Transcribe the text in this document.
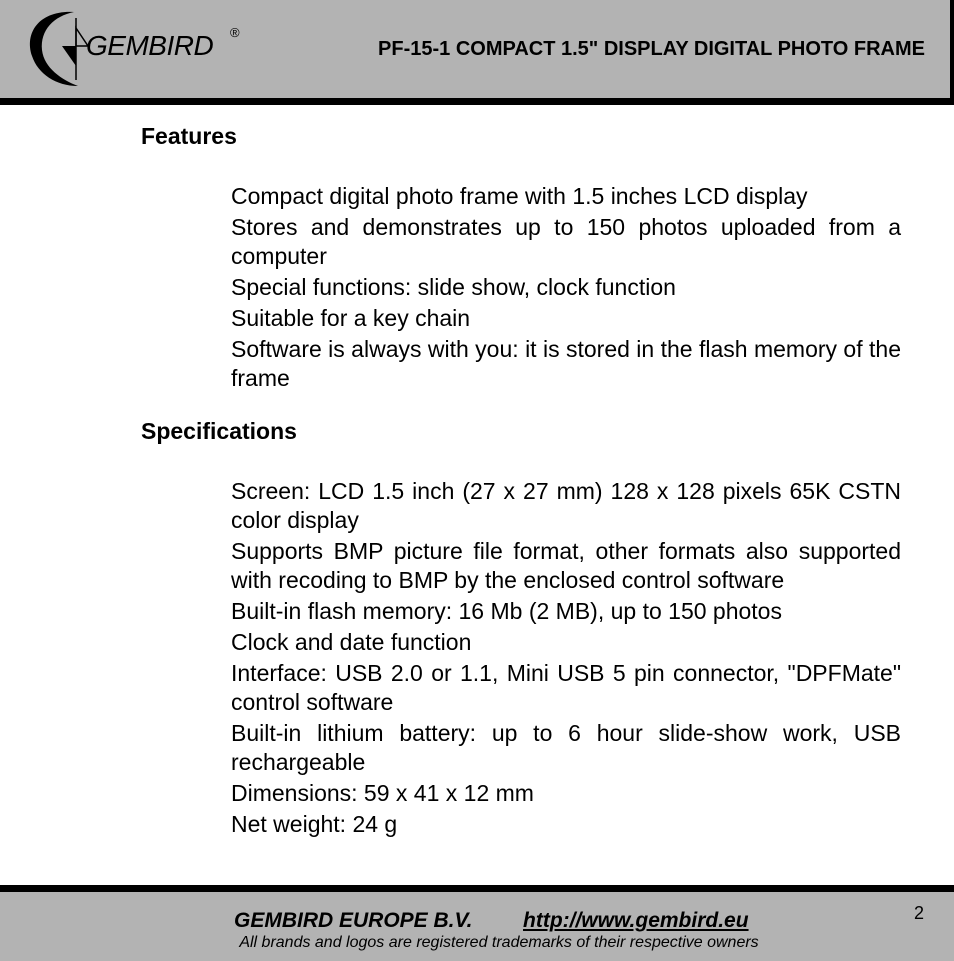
GEMBIRD ®
PF-15-1 COMPACT 1.5" DISPLAY DIGITAL PHOTO FRAME
Features
Compact digital photo frame with 1.5 inches LCD display
Stores and demonstrates up to 150 photos uploaded from a computer
Special functions: slide show, clock function
Suitable for a key chain
Software is always with you: it is stored in the flash memory of the frame
Specifications
Screen: LCD 1.5 inch (27 x 27 mm) 128 x 128 pixels 65K CSTN color display
Supports BMP picture file format, other formats also supported with recoding to BMP by the enclosed control software
Built-in flash memory: 16 Mb (2 MB), up to 150 photos
Clock and date function
Interface: USB 2.0 or 1.1, Mini USB 5 pin connector, "DPFMate" control software
Built-in lithium battery: up to 6 hour slide-show work, USB rechargeable
Dimensions: 59 x 41 x 12 mm
Net weight: 24 g
GEMBIRD EUROPE B.V. http://www.gembird.eu
All brands and logos are registered trademarks of their respective owners
2
